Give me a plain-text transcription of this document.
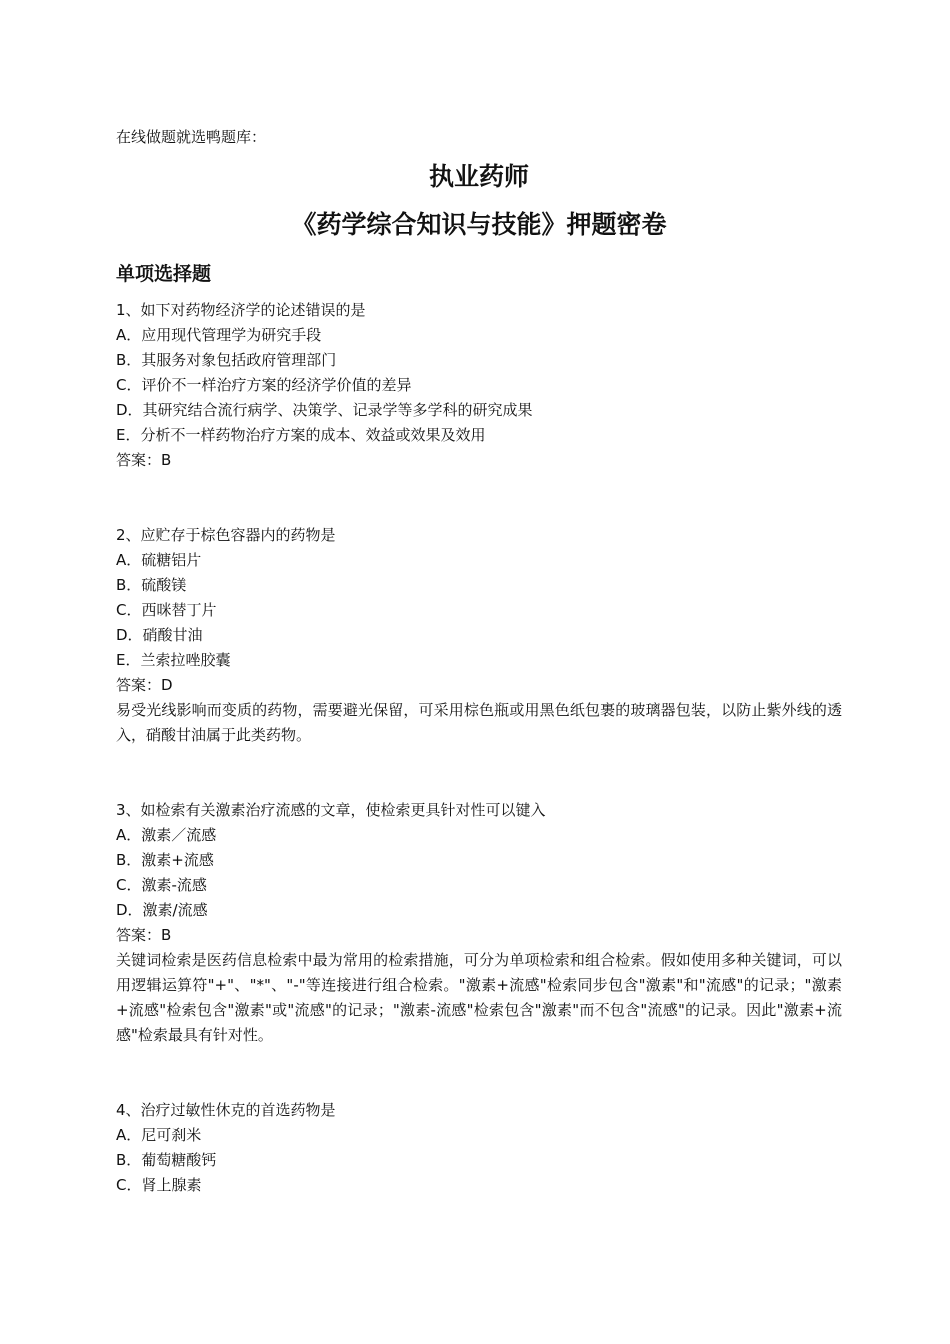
在线做题就选鸭题库：
执业药师
《药学综合知识与技能》押题密卷
单项选择题
1、如下对药物经济学的论述错误的是
A．应用现代管理学为研究手段
B．其服务对象包括政府管理部门
C．评价不一样治疗方案的经济学价值的差异
D．其研究结合流行病学、决策学、记录学等多学科的研究成果
E．分析不一样药物治疗方案的成本、效益或效果及效用
答案：B
2、应贮存于棕色容器内的药物是
A．硫糖铝片
B．硫酸镁
C．西咪替丁片
D．硝酸甘油
E．兰索拉唑胶囊
答案：D
易受光线影响而变质的药物，需要避光保留，可采用棕色瓶或用黑色纸包裹的玻璃器包装，以防止紫外线的透入，硝酸甘油属于此类药物。
3、如检索有关激素治疗流感的文章，使检索更具针对性可以键入
A．激素／流感
B．激素+流感
C．激素-流感
D．激素/流感
答案：B
关键词检索是医药信息检索中最为常用的检索措施，可分为单项检索和组合检索。假如使用多种关键词，可以用逻辑运算符"+"、"*"、"-"等连接进行组合检索。"激素+流感"检索同步包含"激素"和"流感"的记录；"激素+流感"检索包含"激素"或"流感"的记录；"激素-流感"检索包含"激素"而不包含"流感"的记录。因此"激素+流感"检索最具有针对性。
4、治疗过敏性休克的首选药物是
A．尼可刹米
B．葡萄糖酸钙
C．肾上腺素
